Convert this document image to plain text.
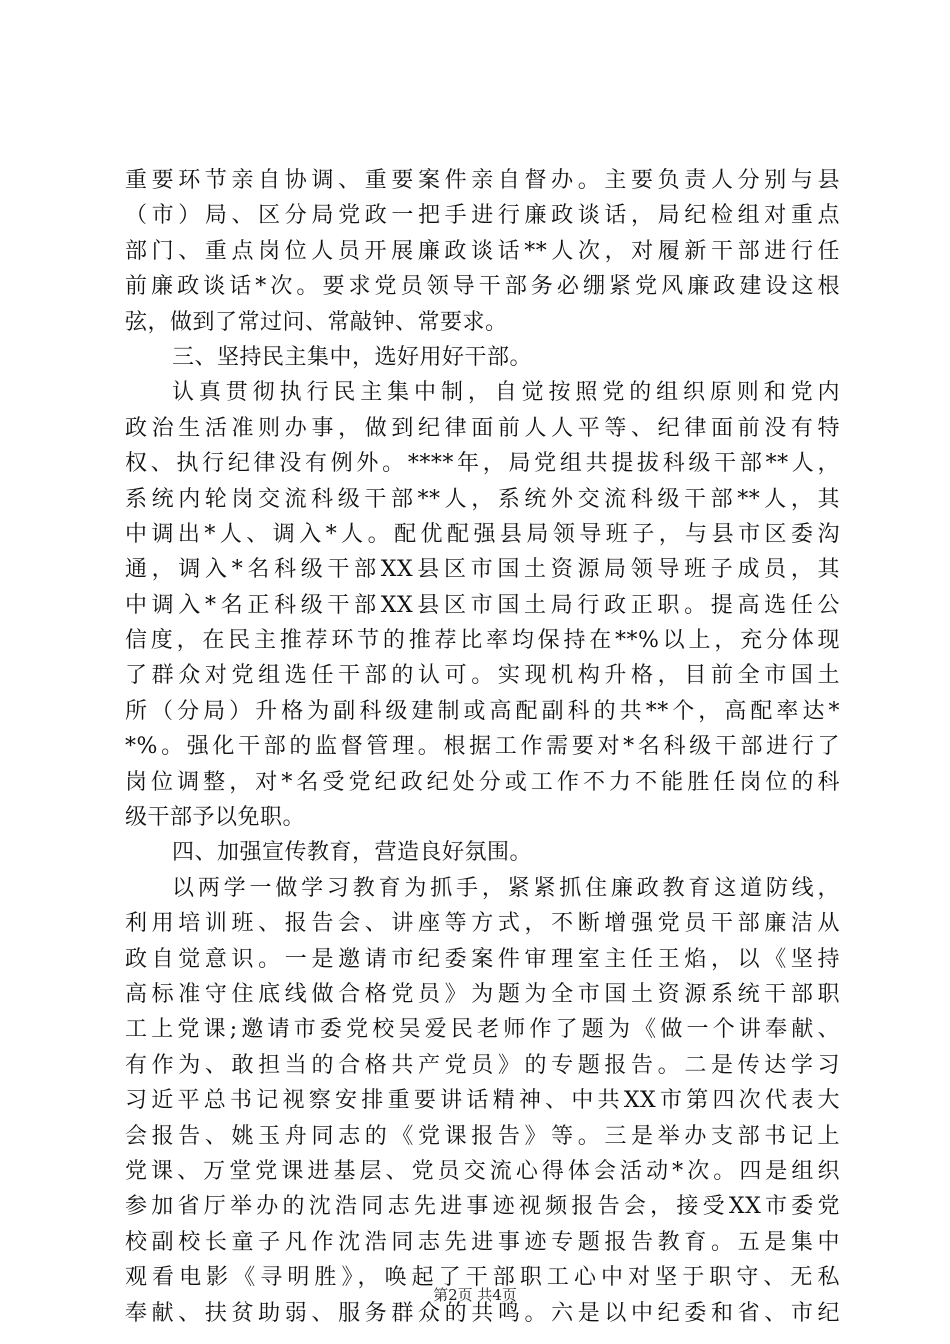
重要环节亲自协调、重要案件亲自督办。主要负责人分别与县
（市）局、区分局党政一把手进行廉政谈话，局纪检组对重点
部门、重点岗位人员开展廉政谈话**人次，对履新干部进行任
前廉政谈话*次。要求党员领导干部务必绷紧党风廉政建设这根
弦，做到了常过问、常敲钟、常要求。
三、坚持民主集中，选好用好干部。
认真贯彻执行民主集中制，自觉按照党的组织原则和党内
政治生活准则办事，做到纪律面前人人平等、纪律面前没有特
权、执行纪律没有例外。****年，局党组共提拔科级干部**人，
系统内轮岗交流科级干部**人，系统外交流科级干部**人，其
中调出*人、调入*人。配优配强县局领导班子，与县市区委沟
通，调入*名科级干部XX县区市国土资源局领导班子成员，其
中调入*名正科级干部XX县区市国土局行政正职。提高选任公
信度，在民主推荐环节的推荐比率均保持在**%以上，充分体现
了群众对党组选任干部的认可。实现机构升格，目前全市国土
所（分局）升格为副科级建制或高配副科的共**个，高配率达*
*%。强化干部的监督管理。根据工作需要对*名科级干部进行了
岗位调整，对*名受党纪政纪处分或工作不力不能胜任岗位的科
级干部予以免职。
四、加强宣传教育，营造良好氛围。
以两学一做学习教育为抓手，紧紧抓住廉政教育这道防线，
利用培训班、报告会、讲座等方式，不断增强党员干部廉洁从
政自觉意识。一是邀请市纪委案件审理室主任王焰，以《坚持
高标准守住底线做合格党员》为题为全市国土资源系统干部职
工上党课;邀请市委党校吴爱民老师作了题为《做一个讲奉献、
有作为、敢担当的合格共产党员》的专题报告。二是传达学习
习近平总书记视察安排重要讲话精神、中共XX市第四次代表大
会报告、姚玉舟同志的《党课报告》等。三是举办支部书记上
党课、万堂党课进基层、党员交流心得体会活动*次。四是组织
参加省厅举办的沈浩同志先进事迹视频报告会，接受XX市委党
校副校长童子凡作沈浩同志先进事迹专题报告教育。五是集中
观看电影《寻明胜》，唤起了干部职工心中对坚于职守、无私
奉献、扶贫助弱、服务群众的共鸣。六是以中纪委和省、市纪
第2页 共4页
